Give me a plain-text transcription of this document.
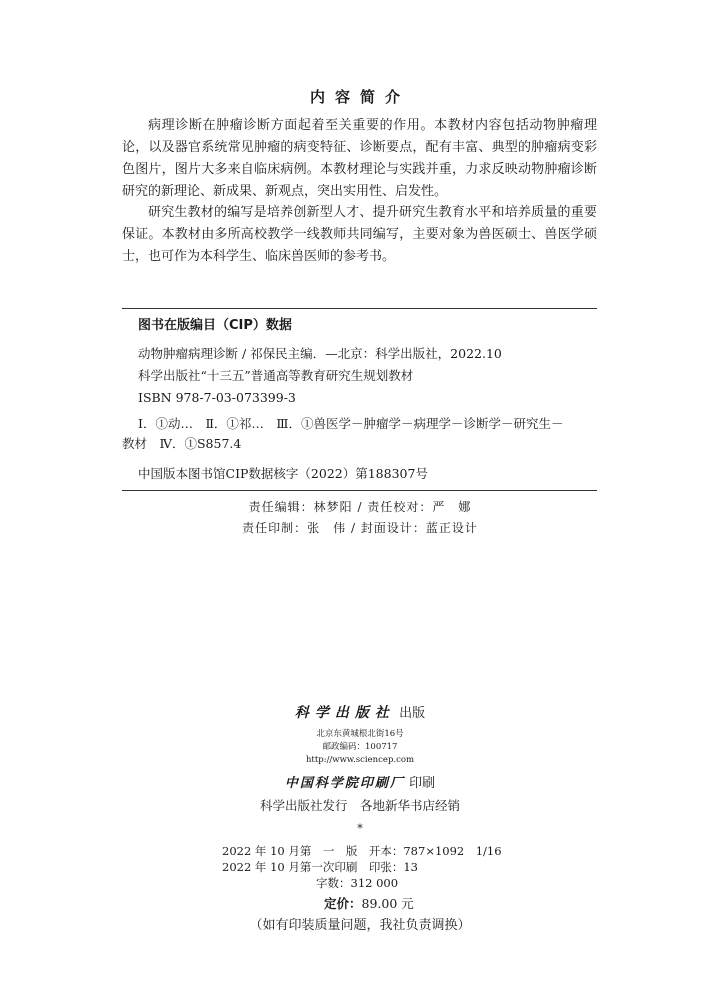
内容简介

病理诊断在肿瘤诊断方面起着至关重要的作用。本教材内容包括动物肿瘤理论，以及器官系统常见肿瘤的病变特征、诊断要点，配有丰富、典型的肿瘤病变彩色图片，图片大多来自临床病例。本教材理论与实践并重，力求反映动物肿瘤诊断研究的新理论、新成果、新观点，突出实用性、启发性。

研究生教材的编写是培养创新型人才、提升研究生教育水平和培养质量的重要保证。本教材由多所高校教学一线教师共同编写，主要对象为兽医硕士、兽医学硕士，也可作为本科学生、临床兽医师的参考书。

图书在版编目（CIP）数据
动物肿瘤病理诊断 / 祁保民主编．—北京：科学出版社，2022.10
科学出版社“十三五”普通高等教育研究生规划教材
ISBN 978-7-03-073399-3
Ⅰ．①动…　Ⅱ．①祁…　Ⅲ．①兽医学－肿瘤学－病理学－诊断学－研究生－
教材　Ⅳ．①S857.4
中国版本图书馆CIP数据核字（2022）第188307号
责任编辑：林梦阳 / 责任校对：严　娜
责任印制：张　伟 / 封面设计：蓝正设计
科学出版社 出版
北京东黄城根北街16号
邮政编码：100717
http://www.sciencep.com
中国科学院印刷厂 印刷
科学出版社发行　各地新华书店经销
*
2022 年 10 月第　一　版　开本：787×1092　1/16
2022 年 10 月第一次印刷　印张：13
字数：312 000
定价：89.00 元
（如有印装质量问题，我社负责调换）
